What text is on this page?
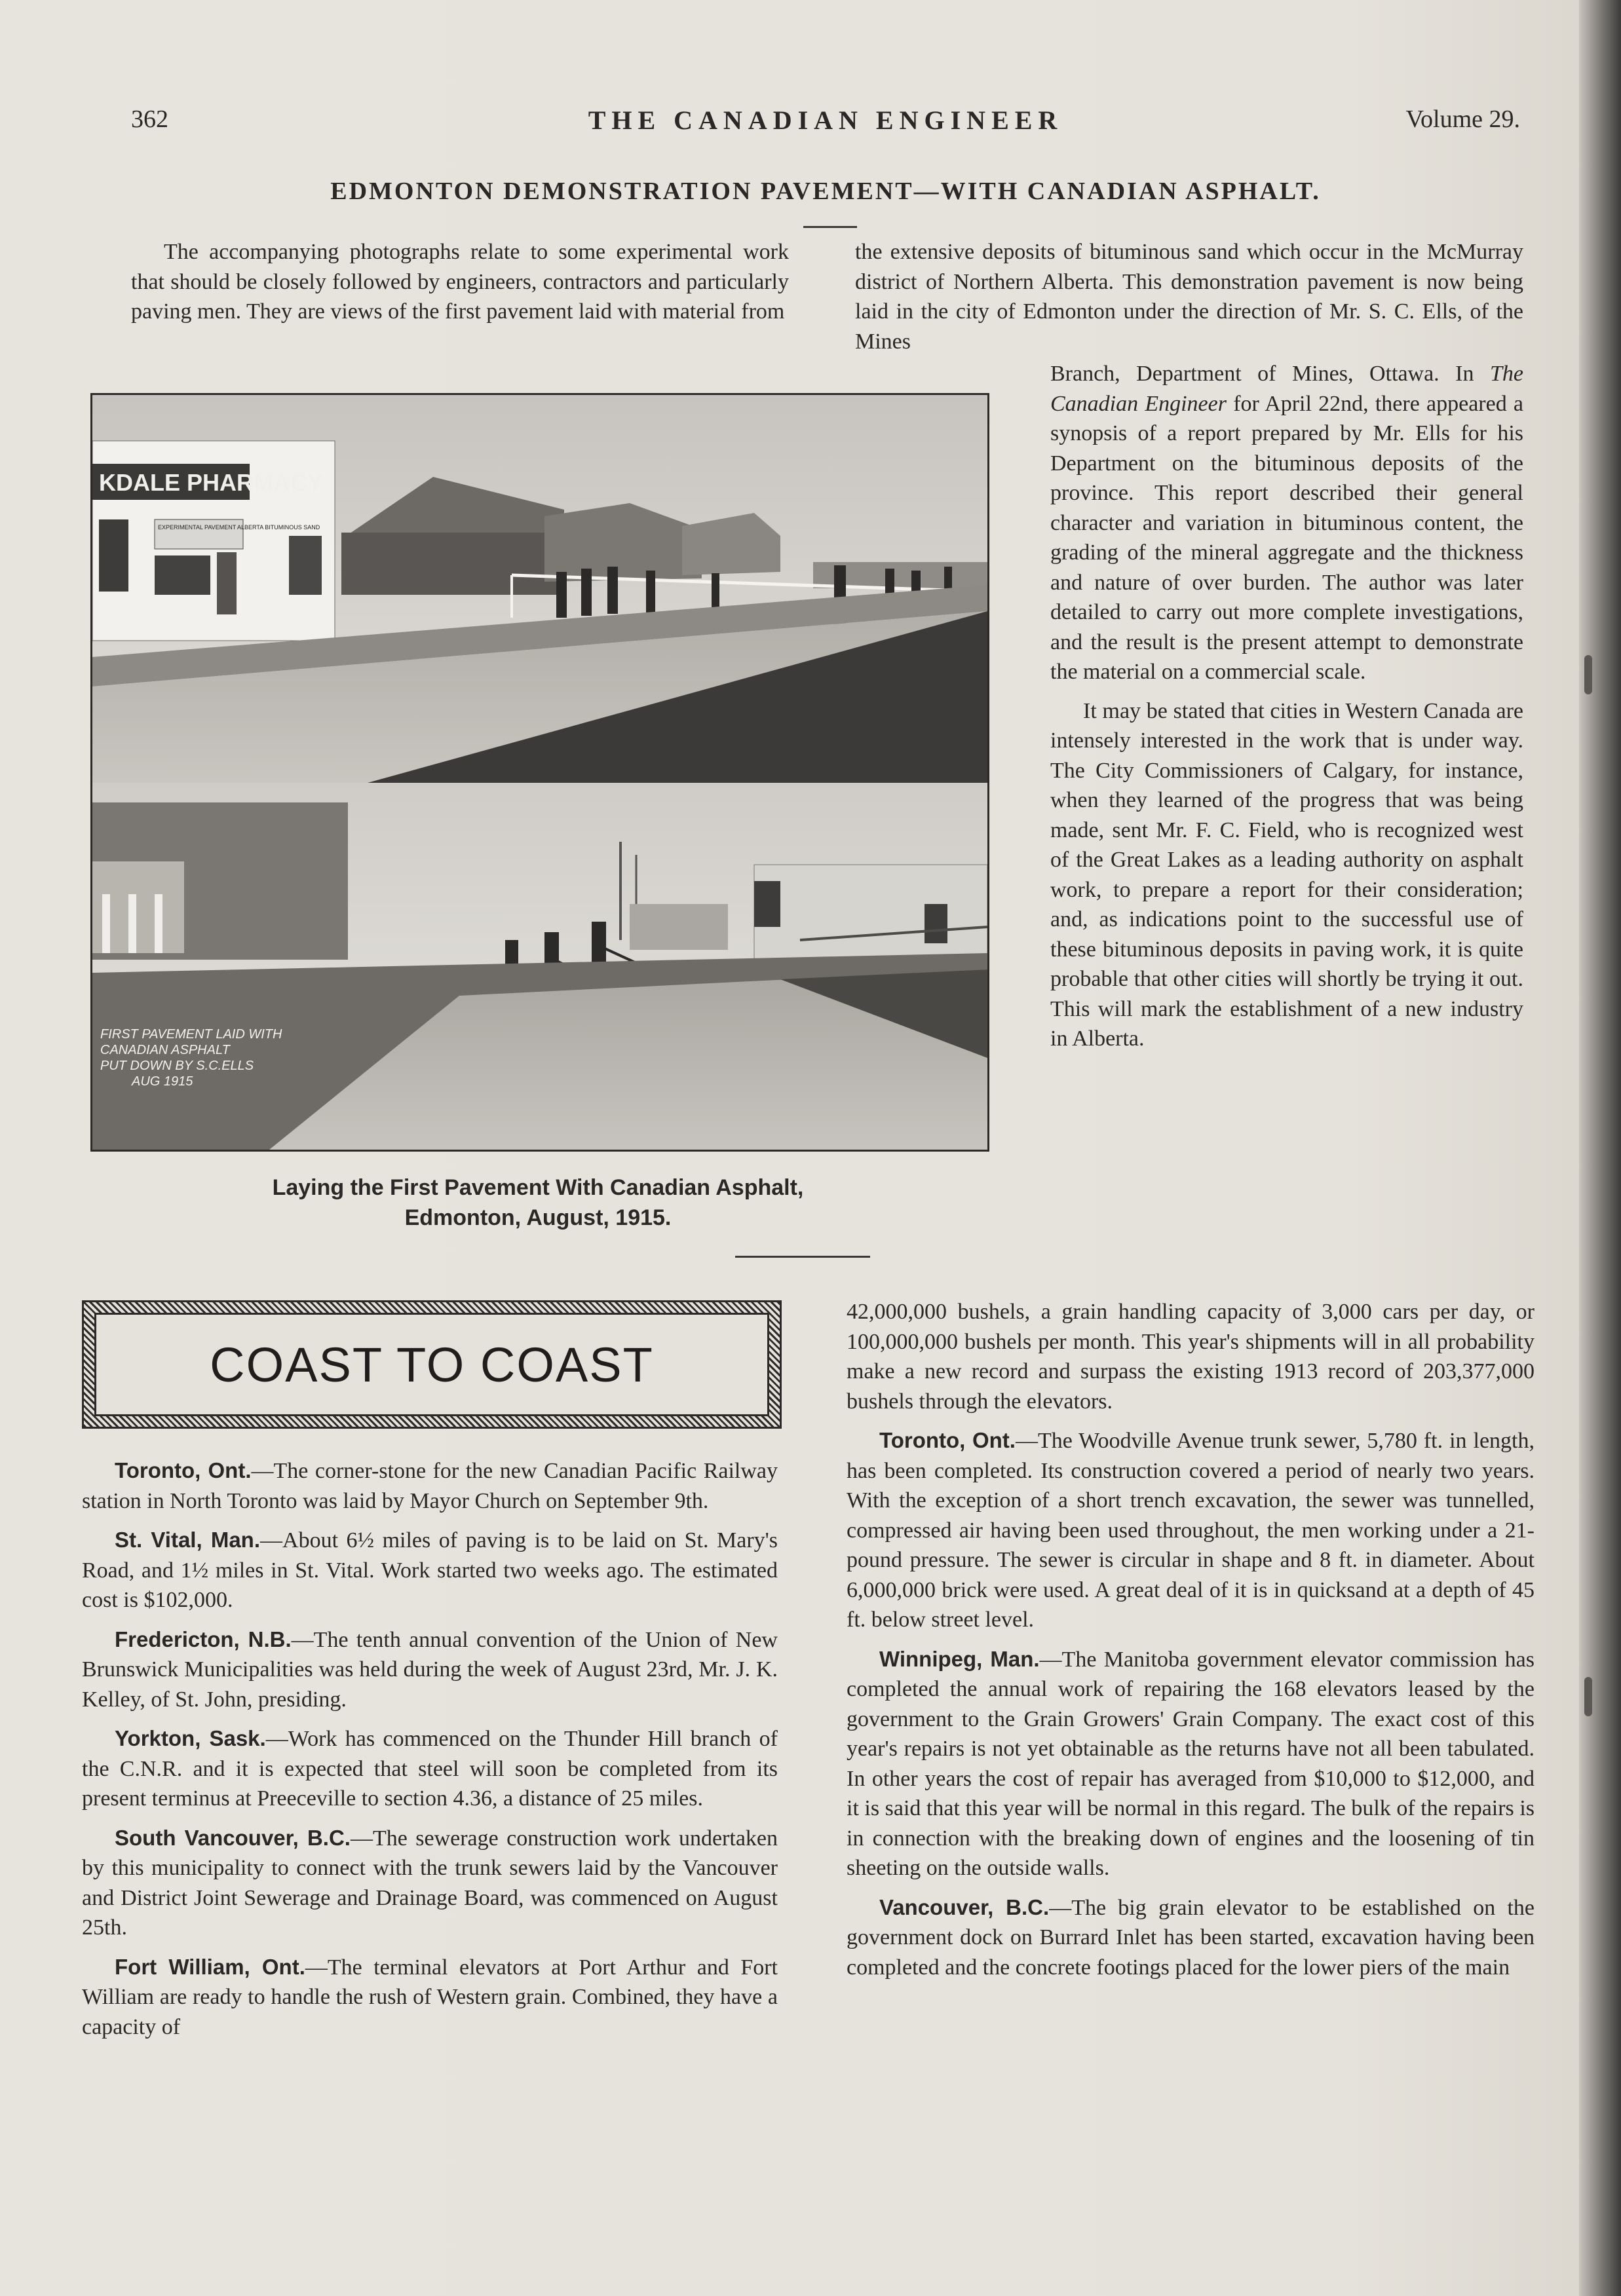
362	THE CANADIAN ENGINEER	Volume 29.
EDMONTON DEMONSTRATION PAVEMENT—WITH CANADIAN ASPHALT.

The accompanying photographs relate to some experimental work that should be closely followed by engineers, contractors and particularly paving men. They are views of the first pavement laid with material from

the extensive deposits of bituminous sand which occur in the McMurray district of Northern Alberta. This demonstration pavement is now being laid in the city of Edmonton under the direction of Mr. S. C. Ells, of the Mines

Branch, Department of Mines, Ottawa. In The Canadian Engineer for April 22nd, there appeared a synopsis of a report prepared by Mr. Ells for his Department on the bituminous deposits of the province. This report described their general character and variation in bituminous content, the grading of the mineral aggregate and the thickness and nature of over burden. The author was later detailed to carry out more complete investigations, and the result is the present attempt to demonstrate the material on a commercial scale.

It may be stated that cities in Western Canada are intensely interested in the work that is under way. The City Commissioners of Calgary, for instance, when they learned of the progress that was being made, sent Mr. F. C. Field, who is recognized west of the Great Lakes as a leading authority on asphalt work, to prepare a report for their consideration; and, as indications point to the successful use of these bituminous deposits in paving work, it is quite probable that other cities will shortly be trying it out. This will mark the establishment of a new industry in Alberta.

KDALE PHARMACY
EXPERIMENTAL PAVEMENT ALBERTA BITUMINOUS SAND
FIRST PAVEMENT LAID WITH
CANADIAN ASPHALT
PUT DOWN BY S.C.ELLS
AUG 1915
Laying the First Pavement With Canadian Asphalt,
Edmonton, August, 1915.
COAST TO COAST

Toronto, Ont.—The corner-stone for the new Canadian Pacific Railway station in North Toronto was laid by Mayor Church on September 9th.

St. Vital, Man.—About 6½ miles of paving is to be laid on St. Mary's Road, and 1½ miles in St. Vital. Work started two weeks ago. The estimated cost is $102,000.

Fredericton, N.B.—The tenth annual convention of the Union of New Brunswick Municipalities was held during the week of August 23rd, Mr. J. K. Kelley, of St. John, presiding.

Yorkton, Sask.—Work has commenced on the Thunder Hill branch of the C.N.R. and it is expected that steel will soon be completed from its present terminus at Preeceville to section 4.36, a distance of 25 miles.

South Vancouver, B.C.—The sewerage construction work undertaken by this municipality to connect with the trunk sewers laid by the Vancouver and District Joint Sewerage and Drainage Board, was commenced on August 25th.

Fort William, Ont.—The terminal elevators at Port Arthur and Fort William are ready to handle the rush of Western grain. Combined, they have a capacity of

42,000,000 bushels, a grain handling capacity of 3,000 cars per day, or 100,000,000 bushels per month. This year's shipments will in all probability make a new record and surpass the existing 1913 record of 203,377,000 bushels through the elevators.

Toronto, Ont.—The Woodville Avenue trunk sewer, 5,780 ft. in length, has been completed. Its construction covered a period of nearly two years. With the exception of a short trench excavation, the sewer was tunnelled, compressed air having been used throughout, the men working under a 21-pound pressure. The sewer is circular in shape and 8 ft. in diameter. About 6,000,000 brick were used. A great deal of it is in quicksand at a depth of 45 ft. below street level.

Winnipeg, Man.—The Manitoba government elevator commission has completed the annual work of repairing the 168 elevators leased by the government to the Grain Growers' Grain Company. The exact cost of this year's repairs is not yet obtainable as the returns have not all been tabulated. In other years the cost of repair has averaged from $10,000 to $12,000, and it is said that this year will be normal in this regard. The bulk of the repairs is in connection with the breaking down of engines and the loosening of tin sheeting on the outside walls.

Vancouver, B.C.—The big grain elevator to be established on the government dock on Burrard Inlet has been started, excavation having been completed and the concrete footings placed for the lower piers of the main
